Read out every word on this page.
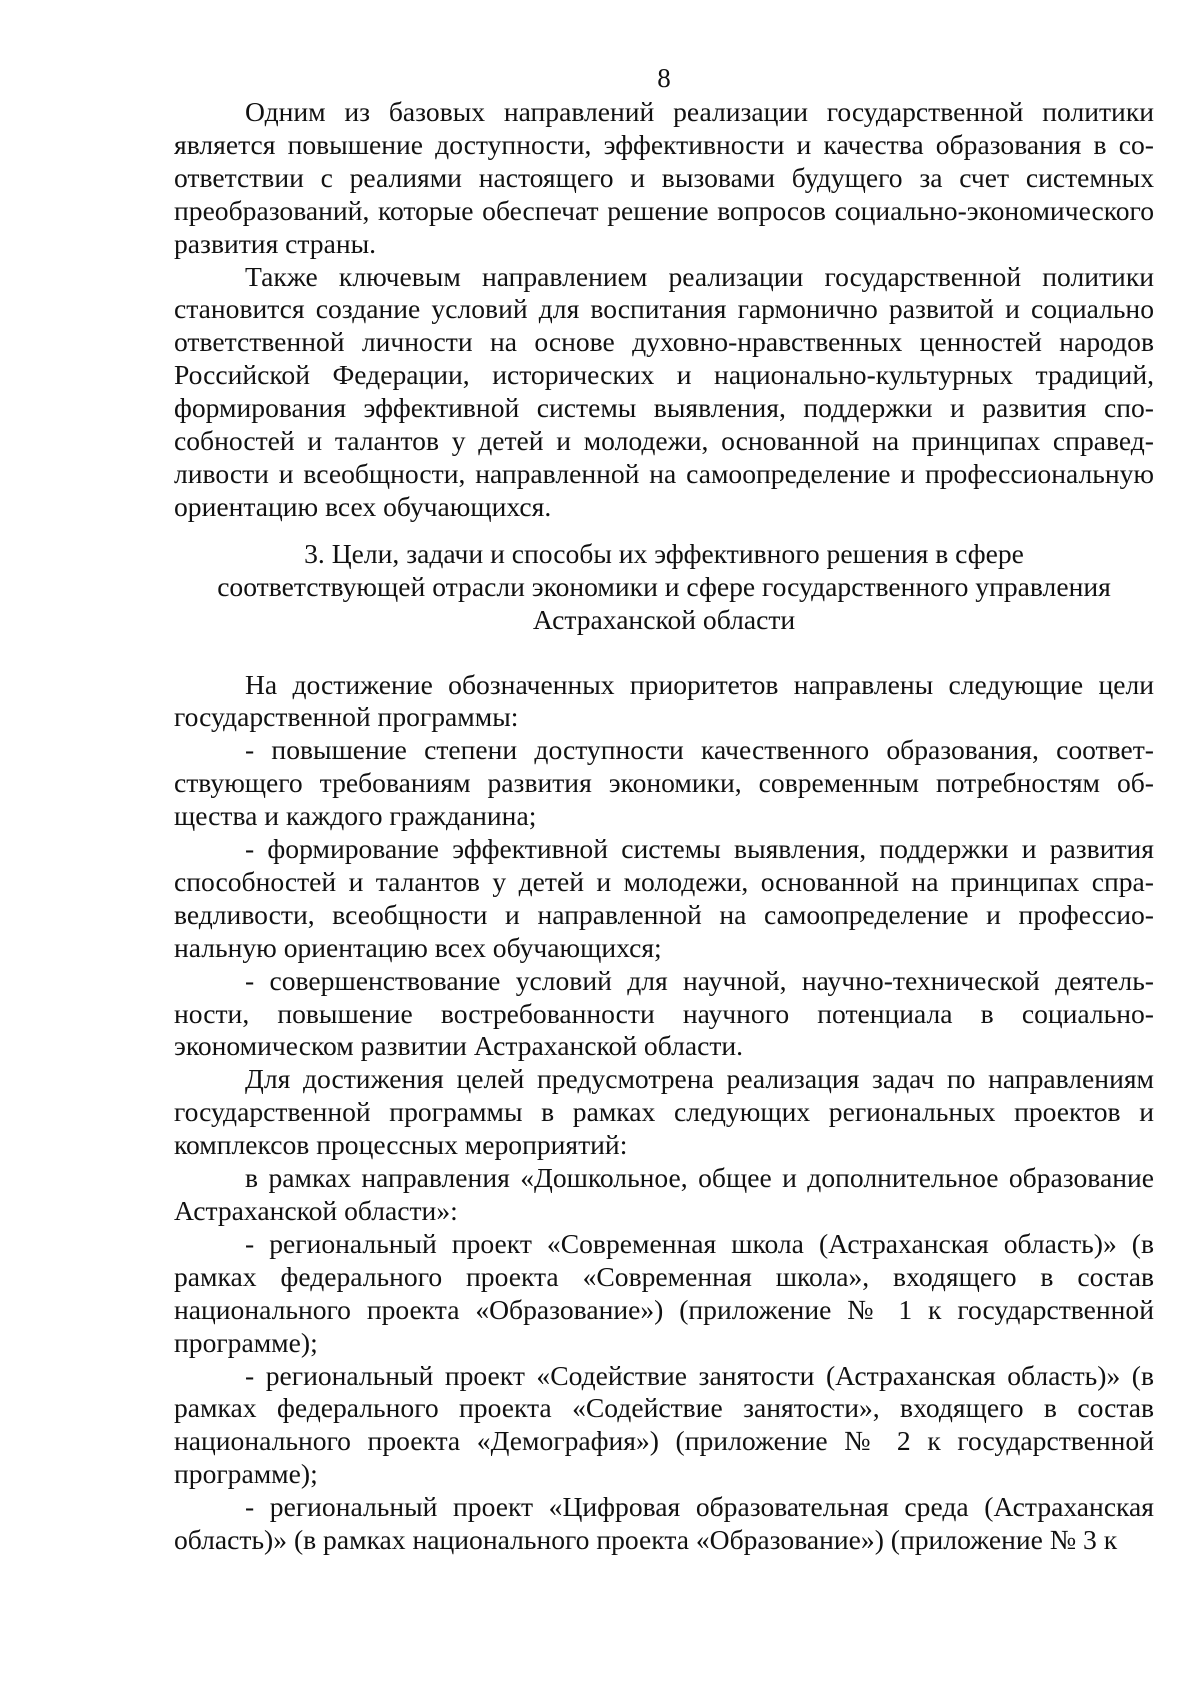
8

Одним из базовых направлений реализации государственной политики является повышение доступности, эффективности и качества образования в соответствии с реалиями настоящего и вызовами будущего за счет системных преобразований, которые обеспечат решение вопросов социально-экономического развития страны.

Также ключевым направлением реализации государственной политики становится создание условий для воспитания гармонично развитой и социально ответственной личности на основе духовно-нравственных ценностей народов Российской Федерации, исторических и национально-культурных традиций, формирования эффективной системы выявления, поддержки и развития способностей и талантов у детей и молодежи, основанной на принципах справедливости и всеобщности, направленной на самоопределение и профессиональную ориентацию всех обучающихся.

3. Цели, задачи и способы их эффективного решения в сфере
соответствующей отрасли экономики и сфере государственного управления
Астраханской области

На достижение обозначенных приоритетов направлены следующие цели государственной программы:

- повышение степени доступности качественного образования, соответствующего требованиям развития экономики, современным потребностям общества и каждого гражданина;

- формирование эффективной системы выявления, поддержки и развития способностей и талантов у детей и молодежи, основанной на принципах справедливости, всеобщности и направленной на самоопределение и профессиональную ориентацию всех обучающихся;

- совершенствование условий для научной, научно-технической деятельности, повышение востребованности научного потенциала в социально-экономическом развитии Астраханской области.

Для достижения целей предусмотрена реализация задач по направлениям государственной программы в рамках следующих региональных проектов и комплексов процессных мероприятий:

в рамках направления «Дошкольное, общее и дополнительное образование Астраханской области»:

- региональный проект «Современная школа (Астраханская область)» (в рамках федерального проекта «Современная школа», входящего в состав национального проекта «Образование») (приложение № 1 к государственной программе);

- региональный проект «Содействие занятости (Астраханская область)» (в рамках федерального проекта «Содействие занятости», входящего в состав национального проекта «Демография») (приложение № 2 к государственной программе);

- региональный проект «Цифровая образовательная среда (Астраханская область)» (в рамках национального проекта «Образование») (приложение № 3 к
